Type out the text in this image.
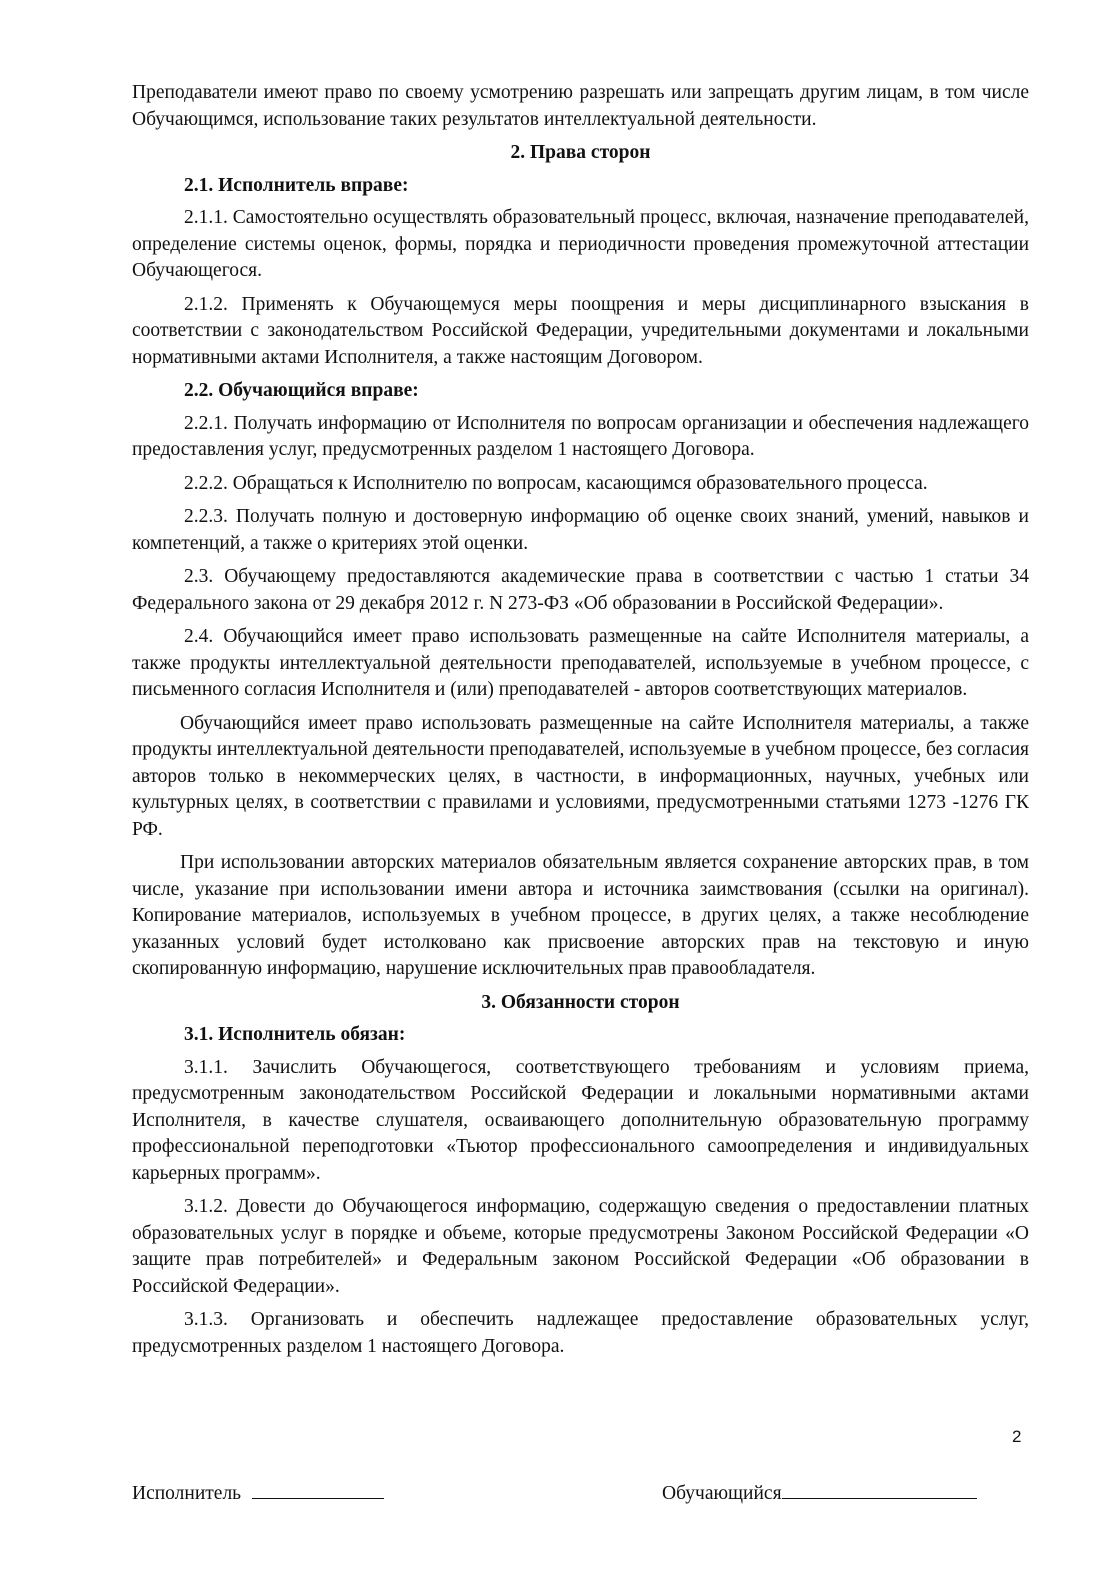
Преподаватели имеют право по своему усмотрению разрешать или запрещать другим лицам, в том числе Обучающимся, использование таких результатов интеллектуальной деятельности.

2. Права сторон
2.1. Исполнитель вправе:

2.1.1. Самостоятельно осуществлять образовательный процесс, включая, назначение преподавателей, определение системы оценок, формы, порядка и периодичности проведения промежуточной аттестации Обучающегося.

2.1.2. Применять к Обучающемуся меры поощрения и меры дисциплинарного взыскания в соответствии с законодательством Российской Федерации, учредительными документами и локальными нормативными актами Исполнителя, а также настоящим Договором.

2.2. Обучающийся вправе:

2.2.1. Получать информацию от Исполнителя по вопросам организации и обеспечения надлежащего предоставления услуг, предусмотренных разделом 1 настоящего Договора.

2.2.2. Обращаться к Исполнителю по вопросам, касающимся образовательного процесса.

2.2.3. Получать полную и достоверную информацию об оценке своих знаний, умений, навыков и компетенций, а также о критериях этой оценки.

2.3. Обучающему предоставляются академические права в соответствии с частью 1 статьи 34 Федерального закона от 29 декабря 2012 г. N 273-ФЗ «Об образовании в Российской Федерации».

2.4. Обучающийся имеет право использовать размещенные на сайте Исполнителя материалы, а также продукты интеллектуальной деятельности преподавателей, используемые в учебном процессе, с письменного согласия Исполнителя и (или) преподавателей - авторов соответствующих материалов.

Обучающийся имеет право использовать размещенные на сайте Исполнителя материалы, а также продукты интеллектуальной деятельности преподавателей, используемые в учебном процессе, без согласия авторов только в некоммерческих целях, в частности, в информационных, научных, учебных или культурных целях, в соответствии с правилами и условиями, предусмотренными статьями 1273 -1276 ГК РФ.

При использовании авторских материалов обязательным является сохранение авторских прав, в том числе, указание при использовании имени автора и источника заимствования (ссылки на оригинал). Копирование материалов, используемых в учебном процессе, в других целях, а также несоблюдение указанных условий будет истолковано как присвоение авторских прав на текстовую и иную скопированную информацию, нарушение исключительных прав правообладателя.

3. Обязанности сторон
3.1. Исполнитель обязан:

3.1.1. Зачислить Обучающегося, соответствующего требованиям и условиям приема, предусмотренным законодательством Российской Федерации и локальными нормативными актами Исполнителя, в качестве слушателя, осваивающего дополнительную образовательную программу профессиональной переподготовки «Тьютор профессионального самоопределения и индивидуальных карьерных программ».

3.1.2. Довести до Обучающегося информацию, содержащую сведения о предоставлении платных образовательных услуг в порядке и объеме, которые предусмотрены Законом Российской Федерации «О защите прав потребителей» и Федеральным законом Российской Федерации «Об образовании в Российской Федерации».

3.1.3. Организовать и обеспечить надлежащее предоставление образовательных услуг, предусмотренных разделом 1 настоящего Договора.

2
Исполнитель	Обучающийся
